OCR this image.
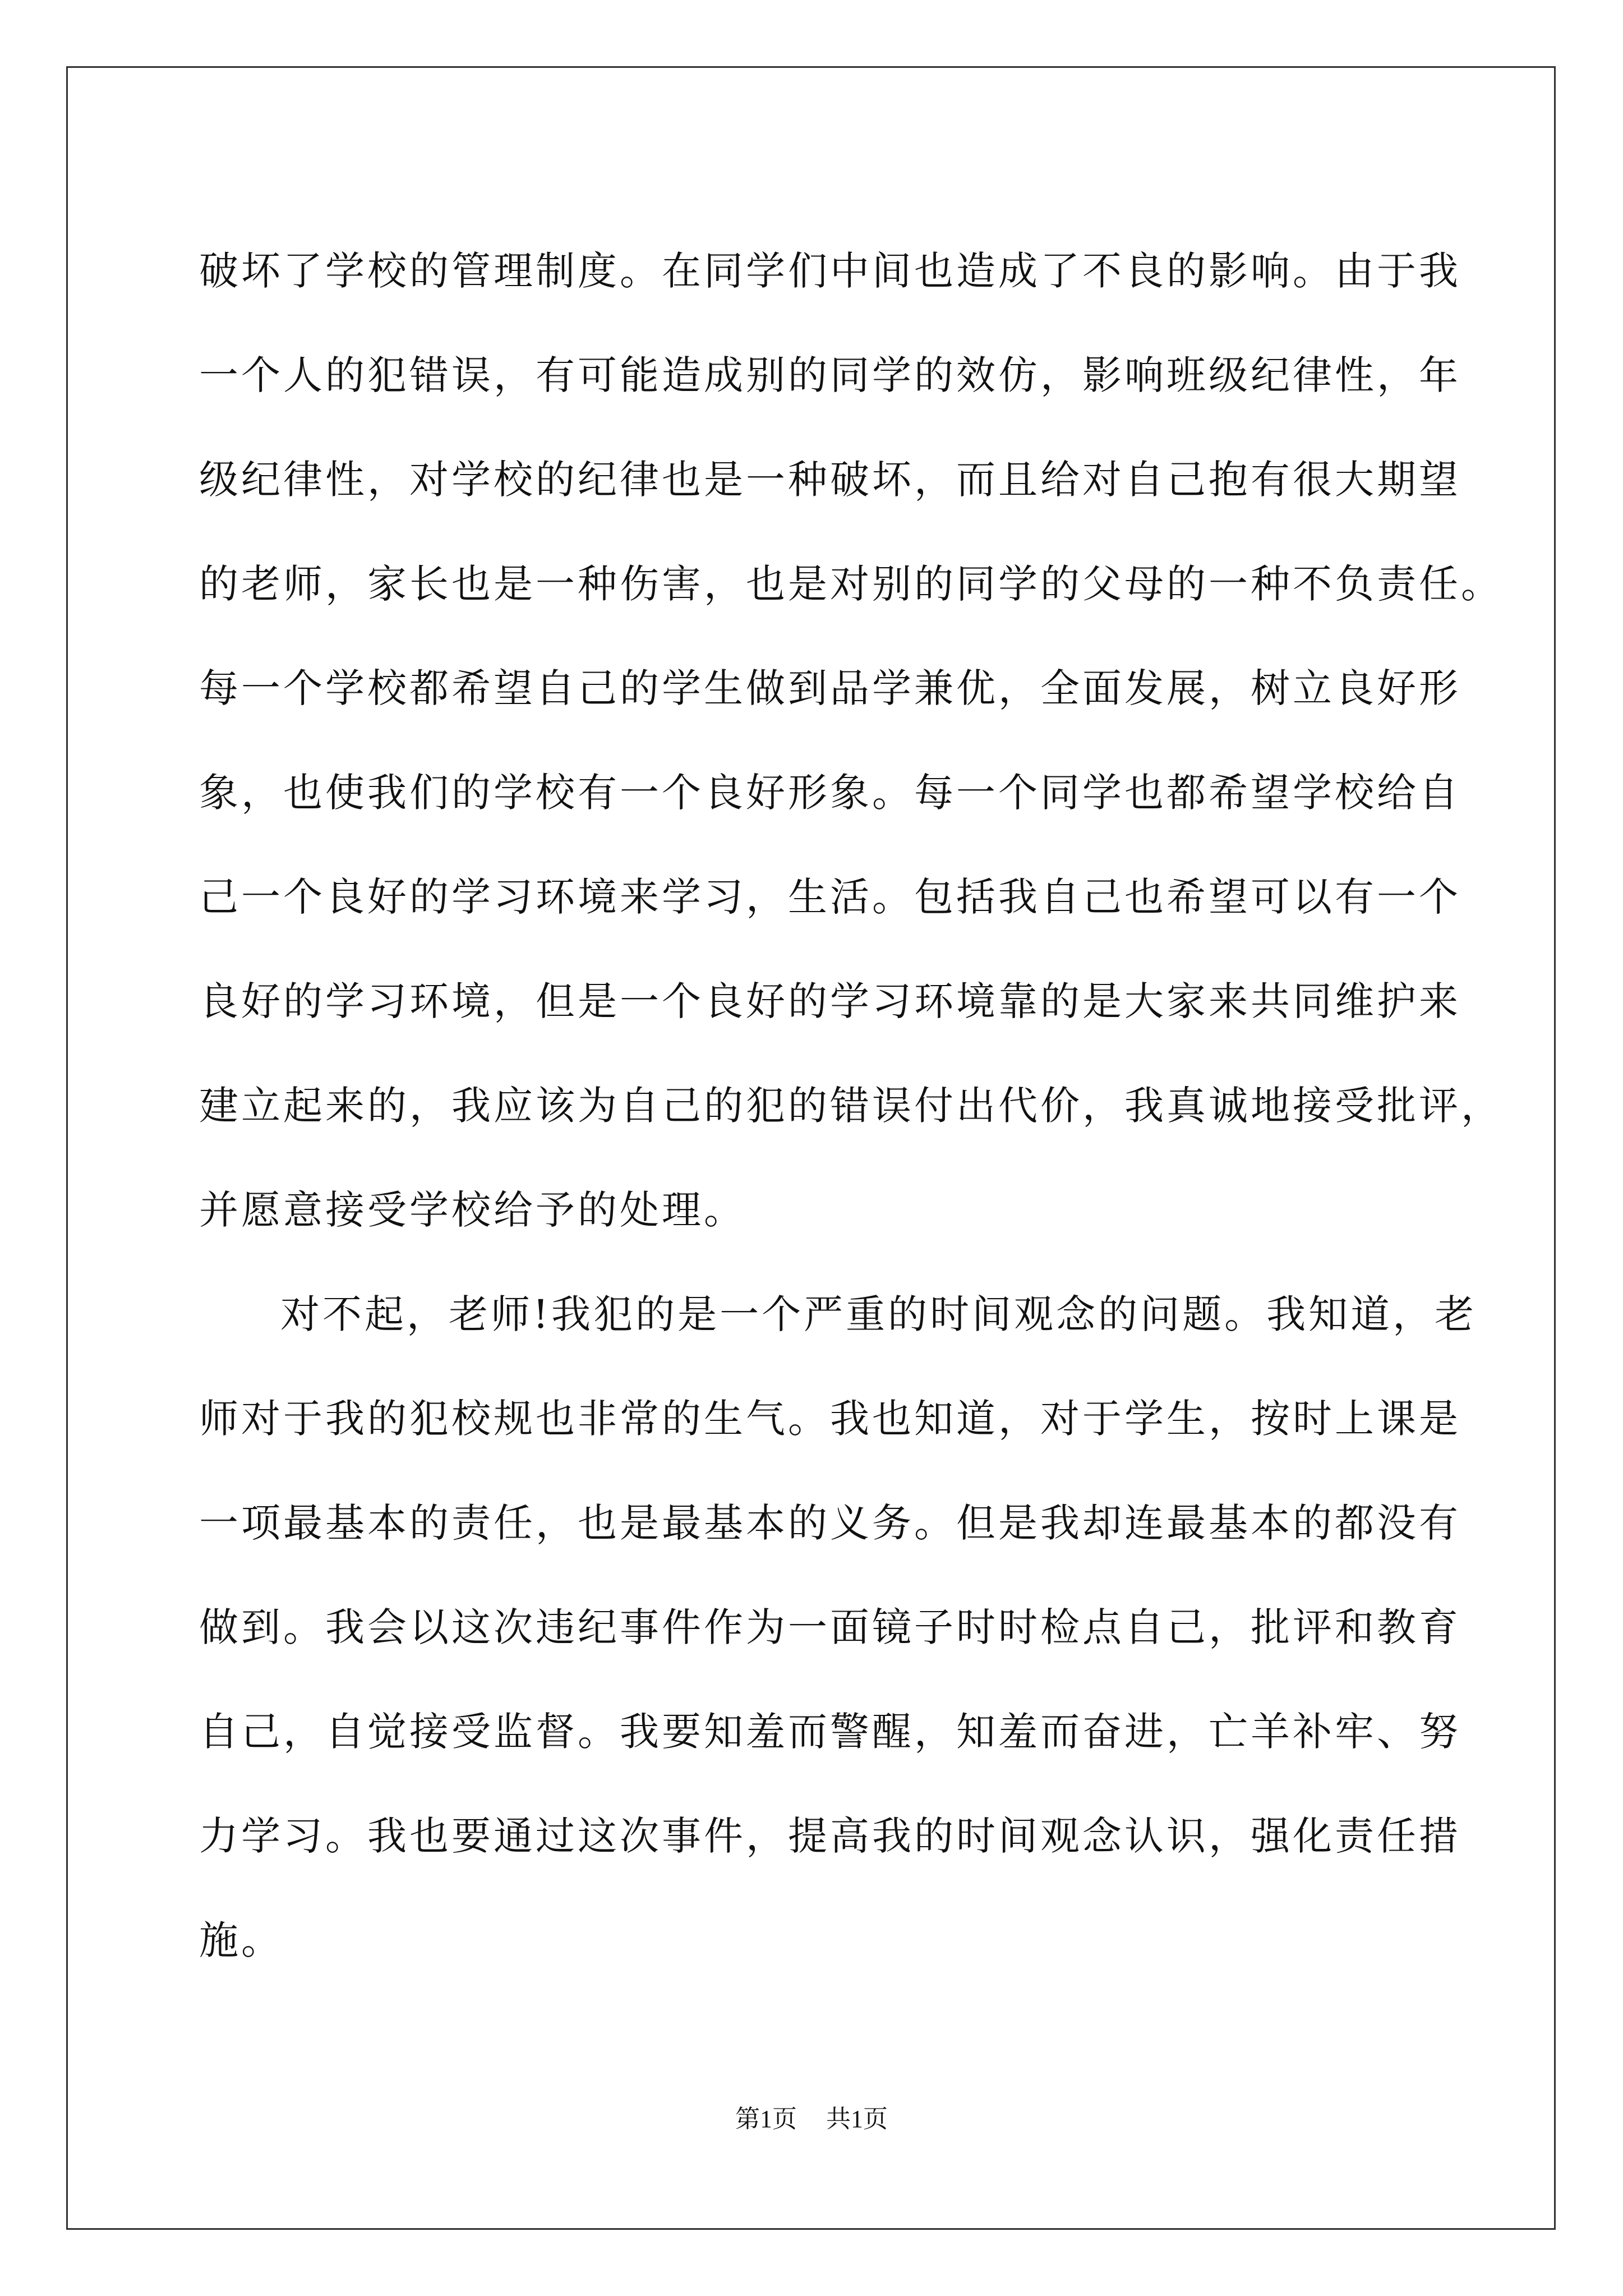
破坏了学校的管理制度。在同学们中间也造成了不良的影响。由于我

一个人的犯错误，有可能造成别的同学的效仿，影响班级纪律性，年

级纪律性，对学校的纪律也是一种破坏，而且给对自己抱有很大期望

的老师，家长也是一种伤害，也是对别的同学的父母的一种不负责任。

每一个学校都希望自己的学生做到品学兼优，全面发展，树立良好形

象，也使我们的学校有一个良好形象。每一个同学也都希望学校给自

己一个良好的学习环境来学习，生活。包括我自己也希望可以有一个

良好的学习环境，但是一个良好的学习环境靠的是大家来共同维护来

建立起来的，我应该为自己的犯的错误付出代价，我真诚地接受批评，

并愿意接受学校给予的处理。

对不起，老师!我犯的是一个严重的时间观念的问题。我知道，老

师对于我的犯校规也非常的生气。我也知道，对于学生，按时上课是

一项最基本的责任，也是最基本的义务。但是我却连最基本的都没有

做到。我会以这次违纪事件作为一面镜子时时检点自己，批评和教育

自己，自觉接受监督。我要知羞而警醒，知羞而奋进，亡羊补牢、努

力学习。我也要通过这次事件，提高我的时间观念认识，强化责任措

施。

第1页 共1页
